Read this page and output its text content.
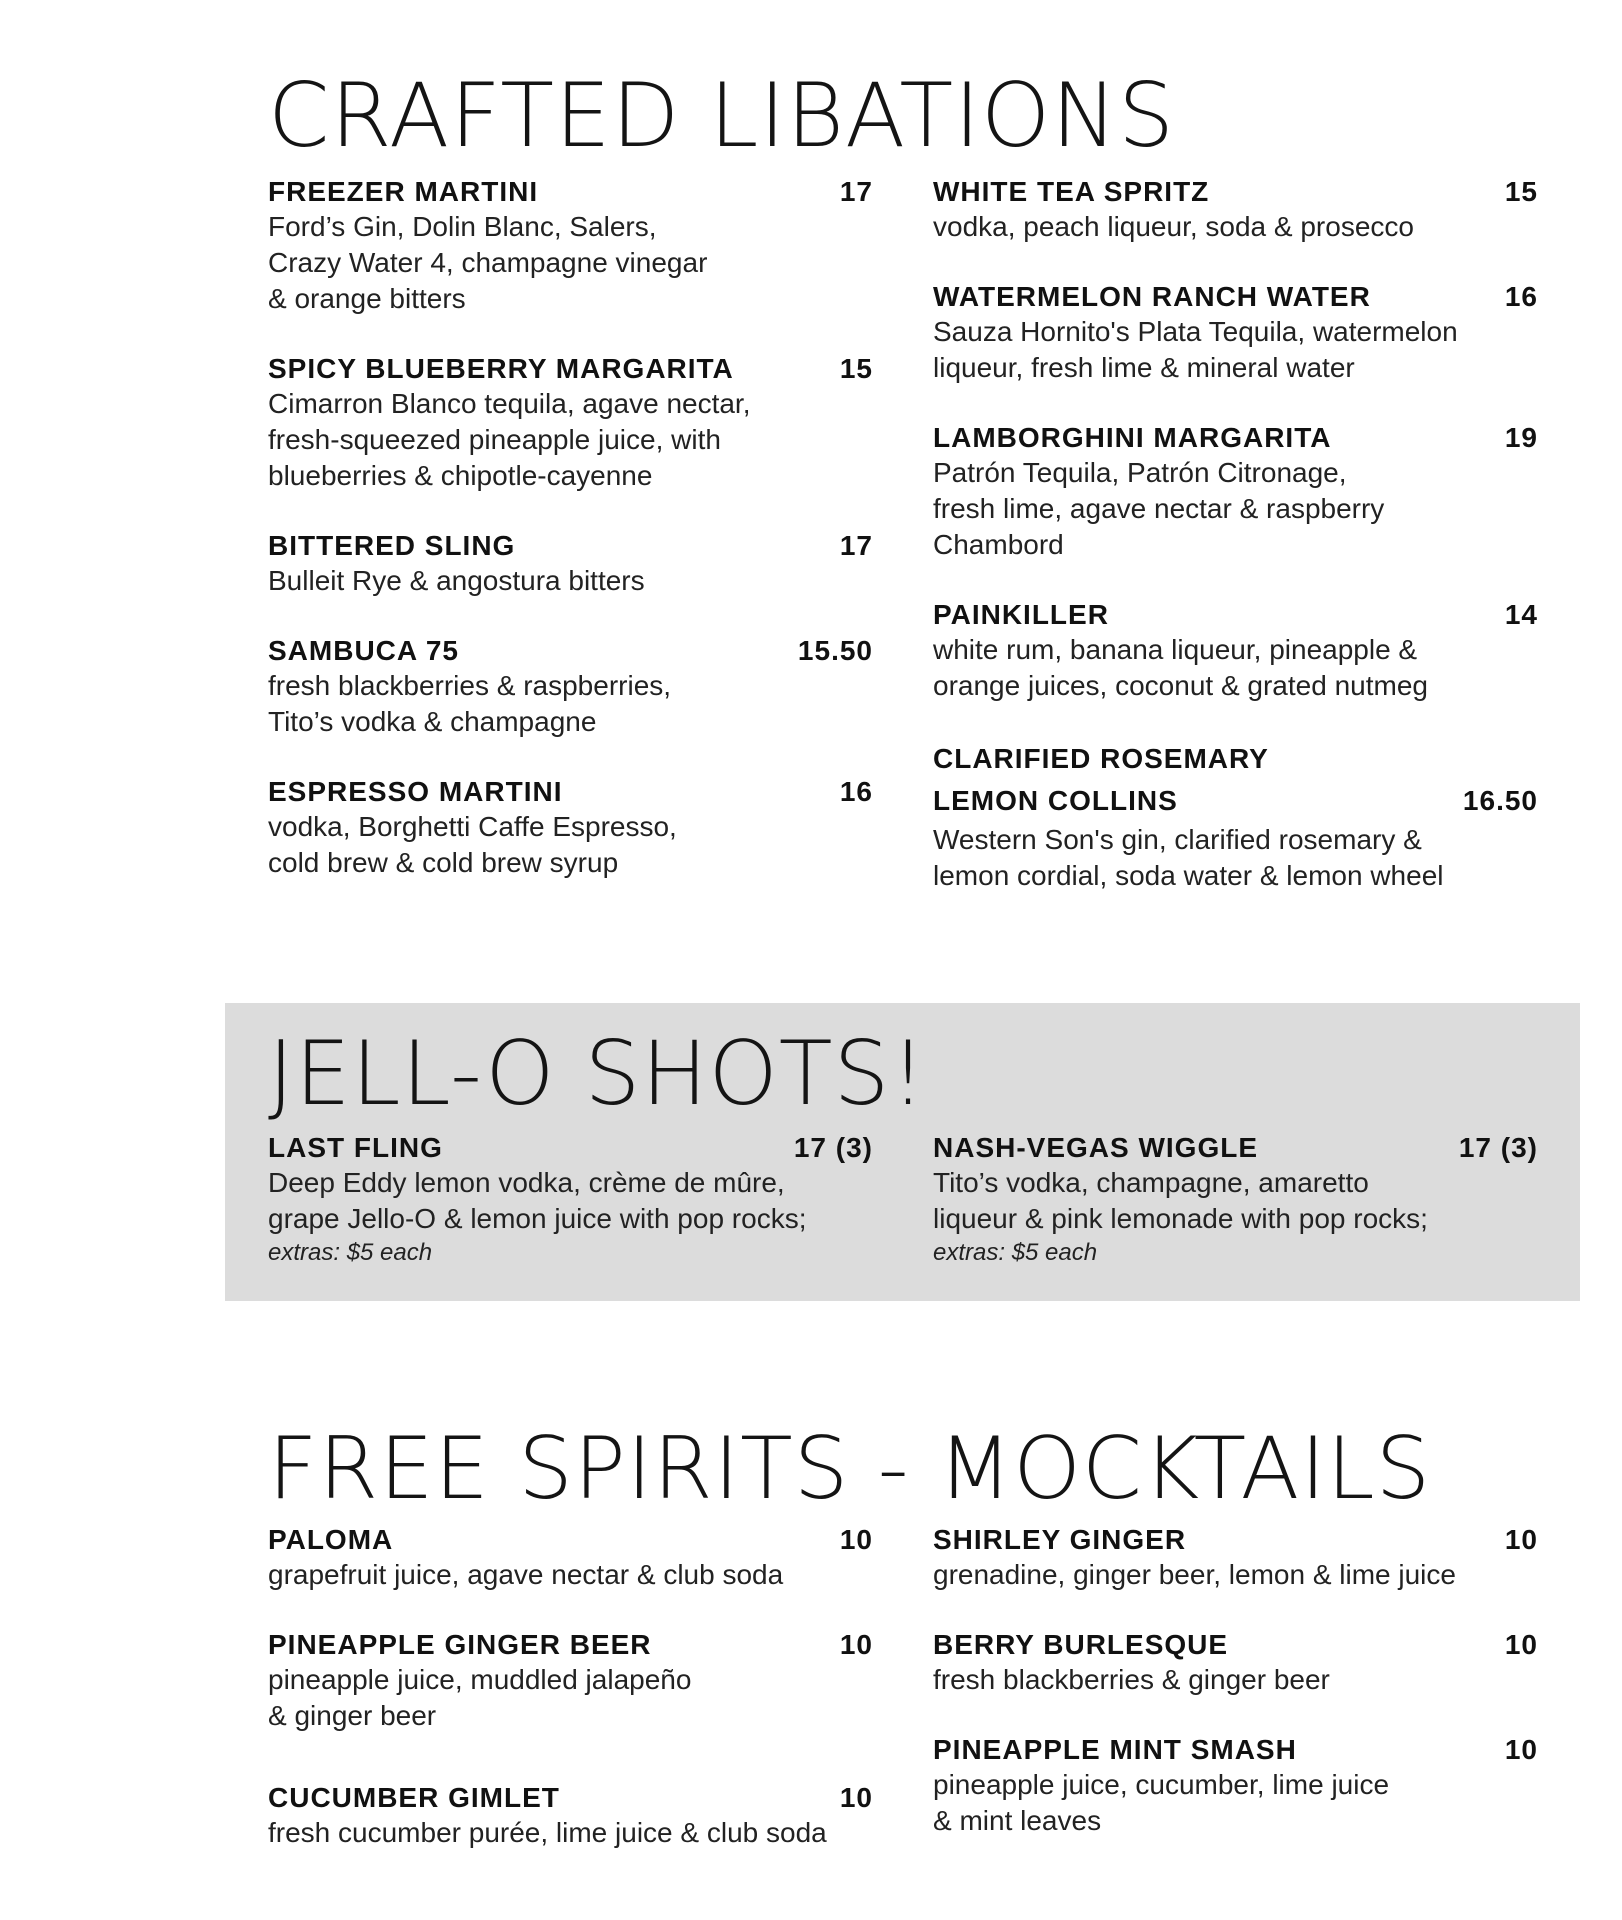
CRAFTED LIBATIONS
FREEZER MARTINI	17
Ford’s Gin, Dolin Blanc, Salers,
Crazy Water 4, champagne vinegar
& orange bitters
SPICY BLUEBERRY MARGARITA	15
Cimarron Blanco tequila, agave nectar,
fresh-squeezed pineapple juice, with
blueberries & chipotle-cayenne
BITTERED SLING	17
Bulleit Rye & angostura bitters
SAMBUCA 75	15.50
fresh blackberries & raspberries,
Tito’s vodka & champagne
ESPRESSO MARTINI	16
vodka, Borghetti Caffe Espresso,
cold brew & cold brew syrup
WHITE TEA SPRITZ	15
vodka, peach liqueur, soda & prosecco
WATERMELON RANCH WATER	16
Sauza Hornito's Plata Tequila, watermelon
liqueur, fresh lime & mineral water
LAMBORGHINI MARGARITA	19
Patrón Tequila, Patrón Citronage,
fresh lime, agave nectar & raspberry
Chambord
PAINKILLER	14
white rum, banana liqueur, pineapple &
orange juices, coconut & grated nutmeg
CLARIFIED ROSEMARY
LEMON COLLINS	16.50
Western Son's gin, clarified rosemary &
lemon cordial, soda water & lemon wheel
JELL-O SHOTS!
LAST FLING	17 (3)
Deep Eddy lemon vodka, crème de mûre,
grape Jello-O & lemon juice with pop rocks;
extras: $5 each
NASH-VEGAS WIGGLE	17 (3)
Tito’s vodka, champagne, amaretto
liqueur & pink lemonade with pop rocks;
extras: $5 each
FREE SPIRITS - MOCKTAILS
PALOMA	10
grapefruit juice, agave nectar & club soda
PINEAPPLE GINGER BEER	10
pineapple juice, muddled jalapeño
& ginger beer
CUCUMBER GIMLET	10
fresh cucumber purée, lime juice & club soda
SHIRLEY GINGER	10
grenadine, ginger beer, lemon & lime juice
BERRY BURLESQUE	10
fresh blackberries & ginger beer
PINEAPPLE MINT SMASH	10
pineapple juice, cucumber, lime juice
& mint leaves
